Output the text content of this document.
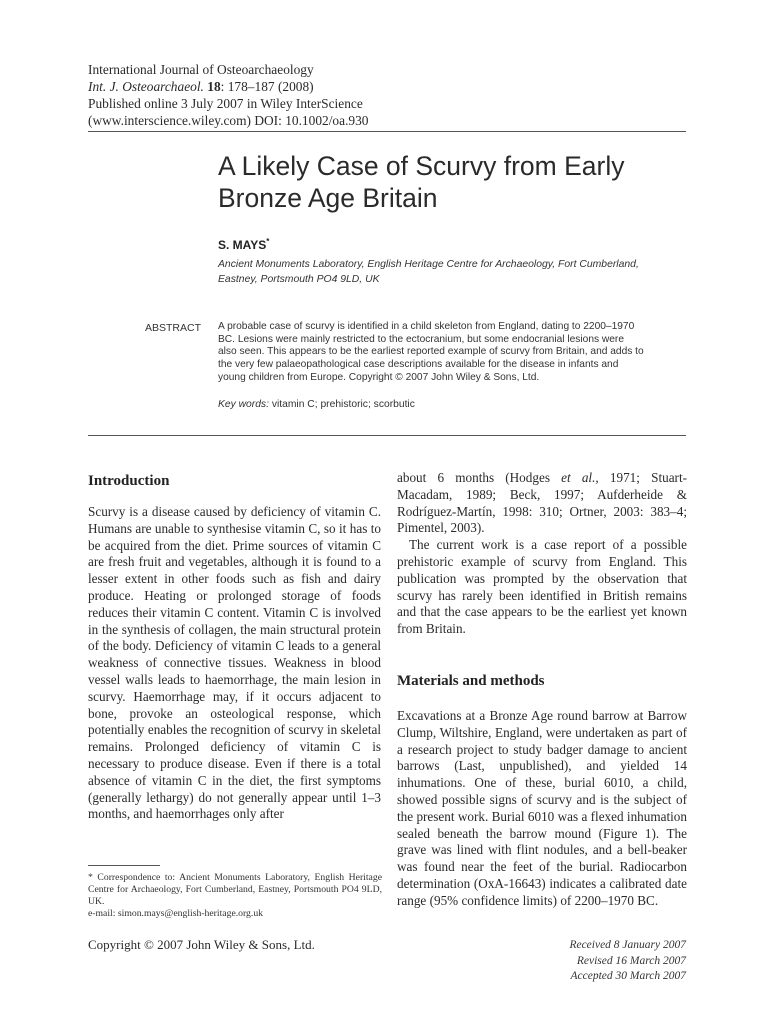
International Journal of Osteoarchaeology
Int. J. Osteoarchaeol. 18: 178–187 (2008)
Published online 3 July 2007 in Wiley InterScience
(www.interscience.wiley.com) DOI: 10.1002/oa.930
A Likely Case of Scurvy from Early
Bronze Age Britain
S. MAYS*
Ancient Monuments Laboratory, English Heritage Centre for Archaeology, Fort Cumberland,
Eastney, Portsmouth PO4 9LD, UK
ABSTRACT A probable case of scurvy is identified in a child skeleton from England, dating to 2200–1970
BC. Lesions were mainly restricted to the ectocranium, but some endocranial lesions were
also seen. This appears to be the earliest reported example of scurvy from Britain, and adds to
the very few palaeopathological case descriptions available for the disease in infants and
young children from Europe. Copyright © 2007 John Wiley & Sons, Ltd.
Key words: vitamin C; prehistoric; scorbutic
Introduction

Scurvy is a disease caused by deficiency of vitamin C. Humans are unable to synthesise vitamin C, so it has to be acquired from the diet. Prime sources of vitamin C are fresh fruit and vegetables, although it is found to a lesser extent in other foods such as fish and dairy produce. Heating or prolonged storage of foods reduces their vitamin C content. Vitamin C is involved in the synthesis of collagen, the main structural protein of the body. Deficiency of vitamin C leads to a general weakness of connective tissues. Weakness in blood vessel walls leads to haemorrhage, the main lesion in scurvy. Haemorrhage may, if it occurs adjacent to bone, provoke an osteological response, which potentially enables the recognition of scurvy in skeletal remains. Prolonged deficiency of vitamin C is necessary to produce disease. Even if there is a total absence of vitamin C in the diet, the first symptoms (generally lethargy) do not generally appear until 1–3 months, and haemorrhages only after

* Correspondence to: Ancient Monuments Laboratory, English Heritage Centre for Archaeology, Fort Cumberland, Eastney, Portsmouth PO4 9LD, UK.
e-mail: simon.mays@english-heritage.org.uk

about 6 months (Hodges et al., 1971; Stuart-Macadam, 1989; Beck, 1997; Aufderheide & Rodríguez-Martín, 1998: 310; Ortner, 2003: 383–4; Pimentel, 2003).

The current work is a case report of a possible prehistoric example of scurvy from England. This publication was prompted by the observation that scurvy has rarely been identified in British remains and that the case appears to be the earliest yet known from Britain.

Materials and methods

Excavations at a Bronze Age round barrow at Barrow Clump, Wiltshire, England, were undertaken as part of a research project to study badger damage to ancient barrows (Last, unpublished), and yielded 14 inhumations. One of these, burial 6010, a child, showed possible signs of scurvy and is the subject of the present work. Burial 6010 was a flexed inhumation sealed beneath the barrow mound (Figure 1). The grave was lined with flint nodules, and a bell-beaker was found near the feet of the burial. Radiocarbon determination (OxA-16643) indicates a calibrated date range (95% confidence limits) of 2200–1970 BC.

Copyright © 2007 John Wiley & Sons, Ltd.	Received 8 January 2007
Revised 16 March 2007
Accepted 30 March 2007
